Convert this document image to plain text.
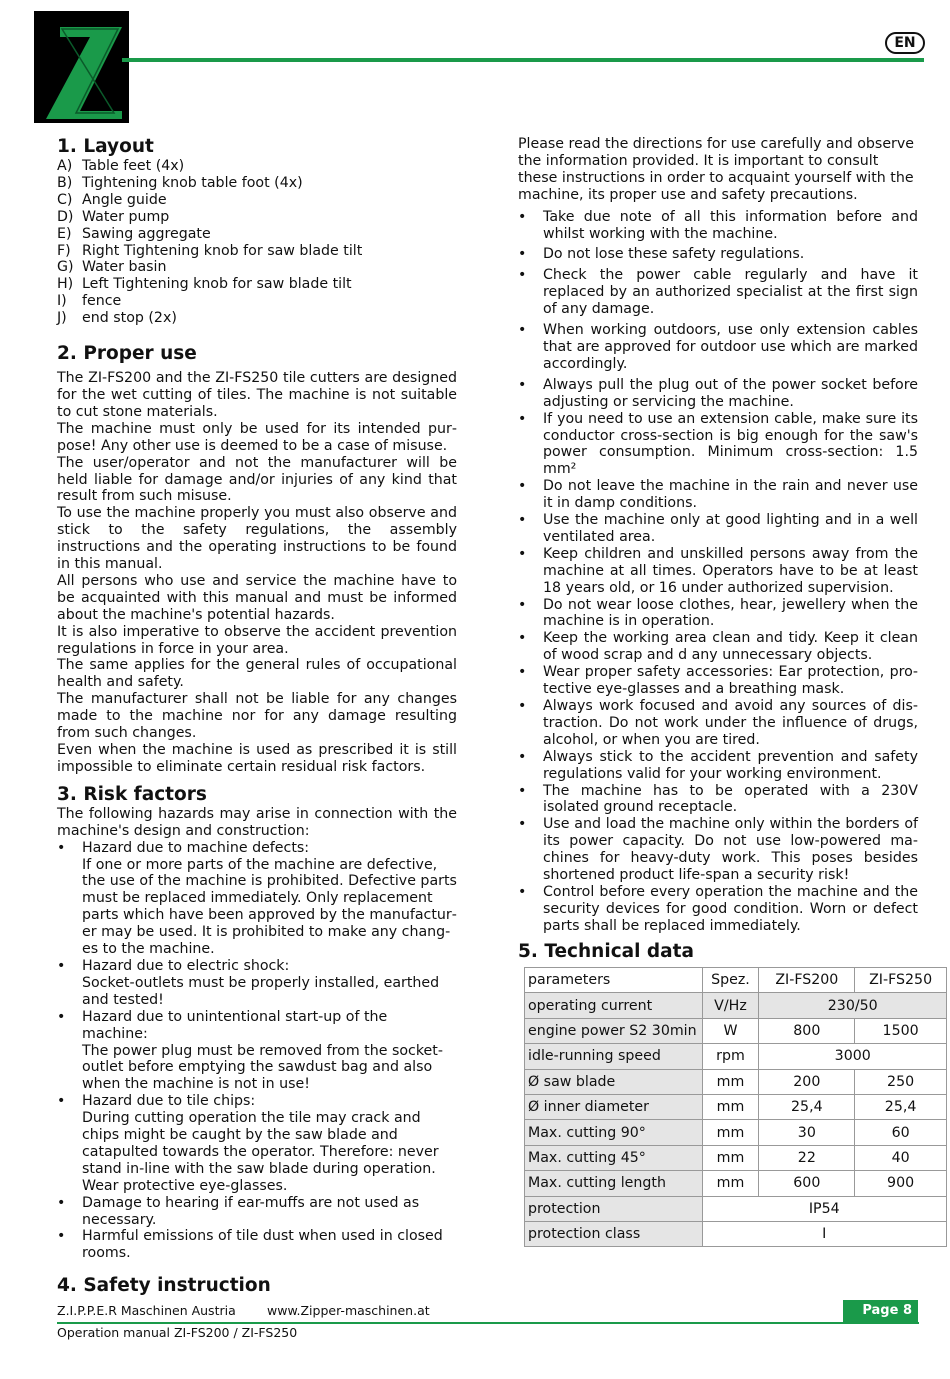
EN
1. Layout
A) Table feet (4x)
B) Tightening knob table foot (4x)
C) Angle guide
D) Water pump
E) Sawing aggregate
F) Right Tightening knob for saw blade tilt
G) Water basin
H) Left Tightening knob for saw blade tilt
I)	fence
J)	end stop (2x)
2. Proper use

The ZI-FS200 and the ZI-FS250 tile cutters are designed for the wet cutting of tiles. The machine is not suitable to cut stone materials.

The machine must only be used for its intended purpose! Any other use is deemed to be a case of misuse.

The user/operator and not the manufacturer will be held liable for damage and/or injuries of any kind that result from such misuse.

To use the machine properly you must also observe and stick to the safety regulations, the assembly instructions and the operating instructions to be found in this manual.

All persons who use and service the machine have to be acquainted with this manual and must be informed about the machine's potential hazards.

It is also imperative to observe the accident prevention regulations in force in your area.

The same applies for the general rules of occupational health and safety.

The manufacturer shall not be liable for any changes made to the machine nor for any damage resulting from such changes.

Even when the machine is used as prescribed it is still impossible to eliminate certain residual risk factors.

3. Risk factors

The following hazards may arise in connection with the machine's design and construction:

•	Hazard due to machine defects:
If one or more parts of the machine are defective, the use of the machine is prohibited. Defective parts must be replaced immediately. Only replacement parts which have been approved by the manufacturer may be used. It is prohibited to make any changes to the machine.
•	Hazard due to electric shock:
Socket-outlets must be properly installed, earthed and tested!
•	Hazard due to unintentional start-up of the machine:
The power plug must be removed from the socket-outlet before emptying the sawdust bag and also when the machine is not in use!
•	Hazard due to tile chips:
During cutting operation the tile may crack and chips might be caught by the saw blade and catapulted towards the operator. Therefore: never stand in-line with the saw blade during operation. Wear protective eye-glasses.
•	Damage to hearing if ear-muffs are not used as necessary.
•	Harmful emissions of tile dust when used in closed rooms.
4. Safety instruction

Please read the directions for use carefully and observe the information provided. It is important to consult these instructions in order to acquaint yourself with the machine, its proper use and safety precautions.

•	Take due note of all this information before and whilst working with the machine.
•	Do not lose these safety regulations.
•	Check the power cable regularly and have it replaced by an authorized specialist at the first sign of any damage.
•	When working outdoors, use only extension cables that are approved for outdoor use which are marked accordingly.
•	Always pull the plug out of the power socket before adjusting or servicing the machine.
•	If you need to use an extension cable, make sure its conductor cross-section is big enough for the saw's power consumption. Minimum cross-section: 1.5 mm²
•	Do not leave the machine in the rain and never use it in damp conditions.
•	Use the machine only at good lighting and in a well ventilated area.
•	Keep children and unskilled persons away from the machine at all times. Operators have to be at least 18 years old, or 16 under authorized supervision.
•	Do not wear loose clothes, hear, jewellery when the machine is in operation.
•	Keep the working area clean and tidy. Keep it clean of wood scrap and d any unnecessary objects.
•	Wear proper safety accessories: Ear protection, protective eye-glasses and a breathing mask.
•	Always work focused and avoid any sources of distraction. Do not work under the influence of drugs, alcohol, or when you are tired.
•	Always stick to the accident prevention and safety regulations valid for your working environment.
•	The machine has to be operated with a 230V isolated ground receptacle.
•	Use and load the machine only within the borders of its power capacity. Do not use low-powered machines for heavy-duty work. This poses besides shortened product life-span a security risk!
•	Control before every operation the machine and the security devices for good condition. Worn or defect parts shall be replaced immediately.
5. Technical data
parameters	Spez.	ZI-FS200	ZI-FS250
operating current	V/Hz	230/50	
engine power S2 30min	W	800	1500
idle-running speed	rpm	3000	
Ø saw blade	mm	200	250
Ø inner diameter	mm	25,4	25,4
Max. cutting 90°	mm	30	60
Max. cutting 45°	mm	22	40
Max. cutting length	mm	600	900
protection	IP54		
protection class	I		
Z.I.P.P.E.R Maschinen Austria	www.Zipper-maschinen.at	Page 8
Operation manual ZI-FS200 / ZI-FS250
